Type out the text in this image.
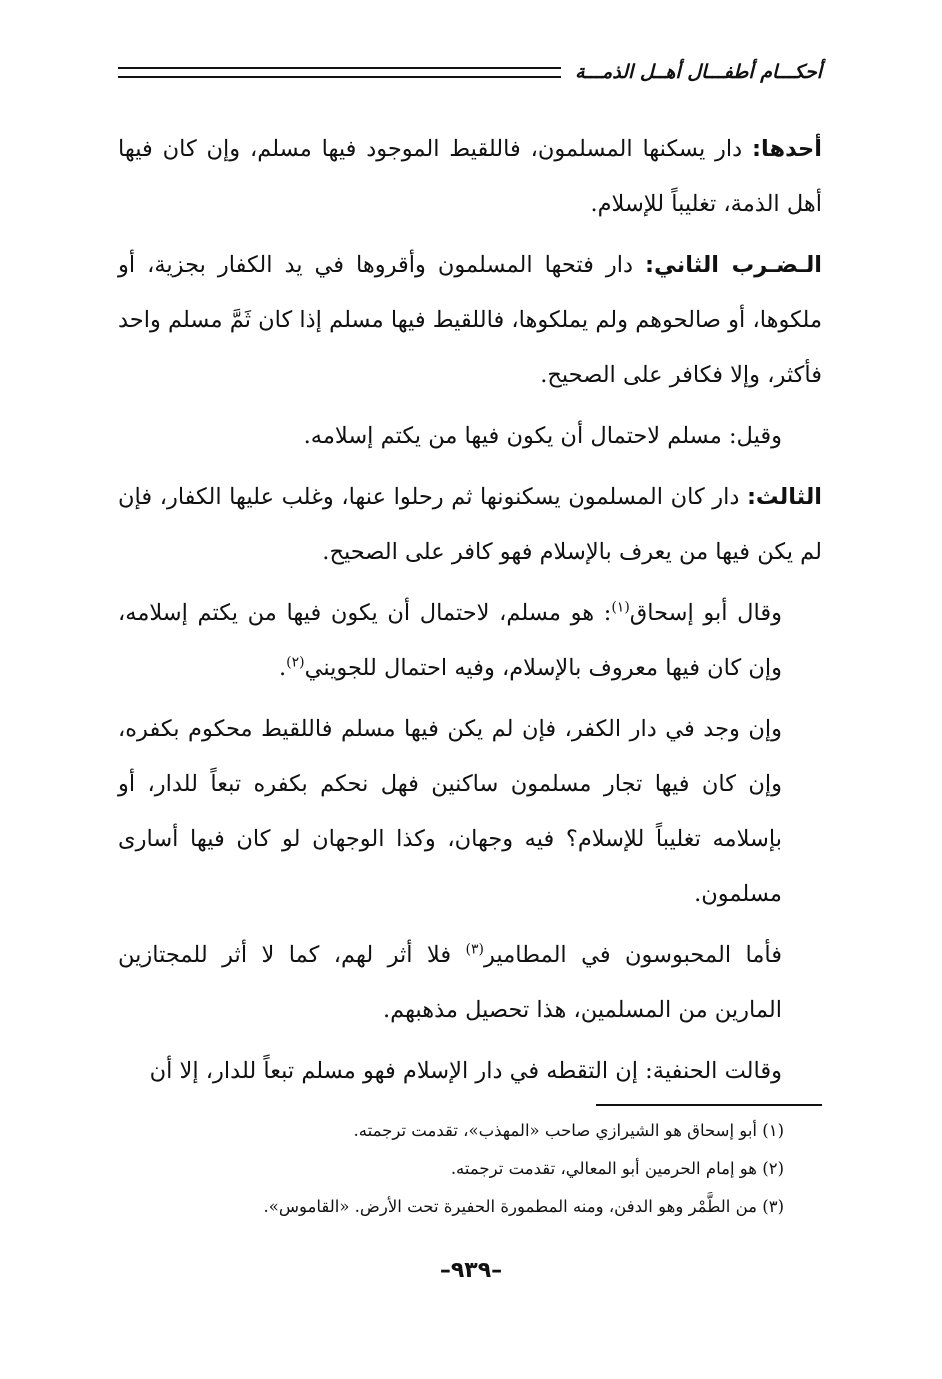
أحكـــام أطفـــال أهــل الذمـــة

أحدها: دار يسكنها المسلمون، فاللقيط الموجود فيها مسلم، وإن كان فيها أهل الذمة، تغليباً للإسلام.

الـضـرب الثاني: دار فتحها المسلمون وأقروها في يد الكفار بجزية، أو ملكوها، أو صالحوهم ولم يملكوها، فاللقيط فيها مسلم إذا كان ثَمَّ مسلم واحد فأكثر، وإلا فكافر على الصحيح.

وقيل: مسلم لاحتمال أن يكون فيها من يكتم إسلامه.

الثالث: دار كان المسلمون يسكنونها ثم رحلوا عنها، وغلب عليها الكفار، فإن لم يكن فيها من يعرف بالإسلام فهو كافر على الصحيح.

وقال أبو إسحاق$^{(١)}$: هو مسلم، لاحتمال أن يكون فيها من يكتم إسلامه، وإن كان فيها معروف بالإسلام، وفيه احتمال للجويني$^{(٢)}$.

وإن وجد في دار الكفر، فإن لم يكن فيها مسلم فاللقيط محكوم بكفره، وإن كان فيها تجار مسلمون ساكنين فهل نحكم بكفره تبعاً للدار، أو بإسلامه تغليباً للإسلام؟ فيه وجهان، وكذا الوجهان لو كان فيها أسارى مسلمون.

فأما المحبوسون في المطامير$^{(٣)}$ فلا أثر لهم، كما لا أثر للمجتازين المارين من المسلمين، هذا تحصيل مذهبهم.

وقالت الحنفية: إن التقطه في دار الإسلام فهو مسلم تبعاً للدار، إلا أن

(١) أبو إسحاق هو الشيرازي صاحب «المهذب»، تقدمت ترجمته.

(٢) هو إمام الحرمين أبو المعالي، تقدمت ترجمته.

(٣) من الطَّمْر وهو الدفن، ومنه المطمورة الحفيرة تحت الأرض. «القاموس».

–٩٣٩–
